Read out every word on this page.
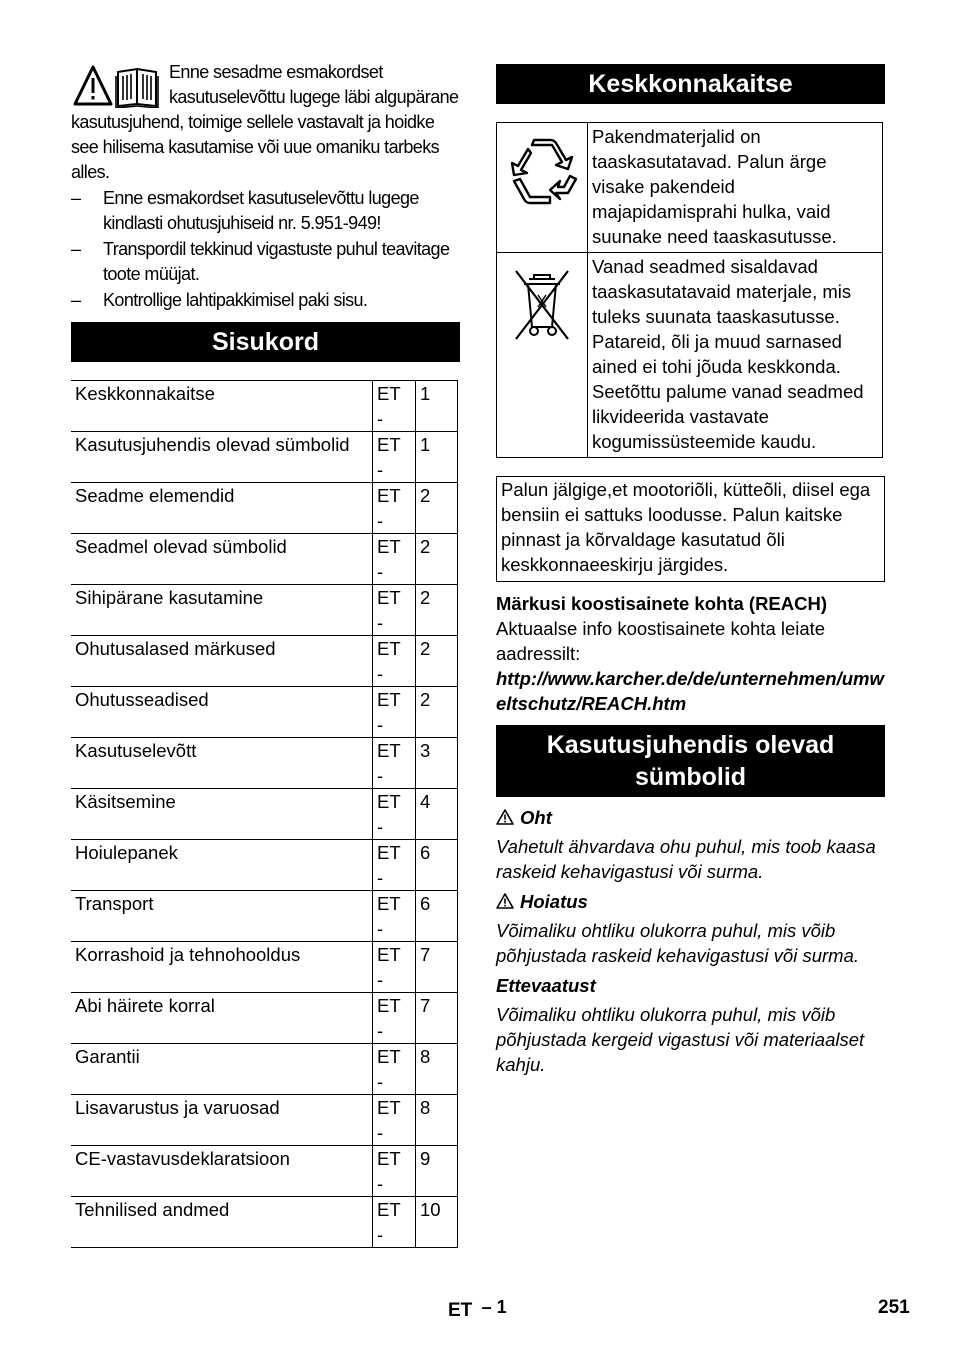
Enne sesadme esmakordset kasutuselevõttu lugege läbi algupärane kasutusjuhend, toimige sellele vastavalt ja hoidke see hilisema kasutamise või uue omaniku tarbeks alles.
– Enne esmakordset kasutuselevõttu lugege kindlasti ohutusjuhiseid nr. 5.951-949!
– Transpordil tekkinud vigastuste puhul teavitage toote müüjat.
– Kontrollige lahtipakkimisel paki sisu.
Sisukord
Keskkonnakaitse	ET -	1
Kasutusjuhendis olevad sümbolid	ET -	1
Seadme elemendid	ET -	2
Seadmel olevad sümbolid	ET -	2
Sihipärane kasutamine	ET -	2
Ohutusalased märkused	ET -	2
Ohutusseadised	ET -	2
Kasutuselevõtt	ET -	3
Käsitsemine	ET -	4
Hoiulepanek	ET -	6
Transport	ET -	6
Korrashoid ja tehnohooldus	ET -	7
Abi häirete korral	ET -	7
Garantii	ET -	8
Lisavarustus ja varuosad	ET -	8
CE-vastavusdeklaratsioon	ET -	9
Tehnilised andmed	ET -	10
Keskkonnakaitse
	Pakendmaterjalid on taaskasutatavad. Palun ärge visake pakendeid majapidamisprahi hulka, vaid suunake need taaskasutusse.
	Vanad seadmed sisaldavad taaskasutatavaid materjale, mis tuleks suunata taaskasutusse. Patareid, õli ja muud sarnased ained ei tohi jõuda keskkonda. Seetõttu palume vanad seadmed likvideerida vastavate kogumissüsteemide kaudu.
Palun jälgige,et mootoriõli, kütteõli, diisel ega bensiin ei sattuks loodusse. Palun kaitske pinnast ja kõrvaldage kasutatud õli keskkonnaeeskirju järgides.

Märkusi koostisainete kohta (REACH)

Aktuaalse info koostisainete kohta leiate aadressilt:

http://www.karcher.de/de/unternehmen/umweltschutz/REACH.htm

Kasutusjuhendis olevad sümbolid

Oht

Vahetult ähvardava ohu puhul, mis toob kaasa raskeid kehavigastusi või surma.

Hoiatus

Võimaliku ohtliku olukorra puhul, mis võib põhjustada raskeid kehavigastusi või surma.

Ettevaatust

Võimaliku ohtliku olukorra puhul, mis võib põhjustada kergeid vigastusi või materiaalset kahju.

ET – 1	251
